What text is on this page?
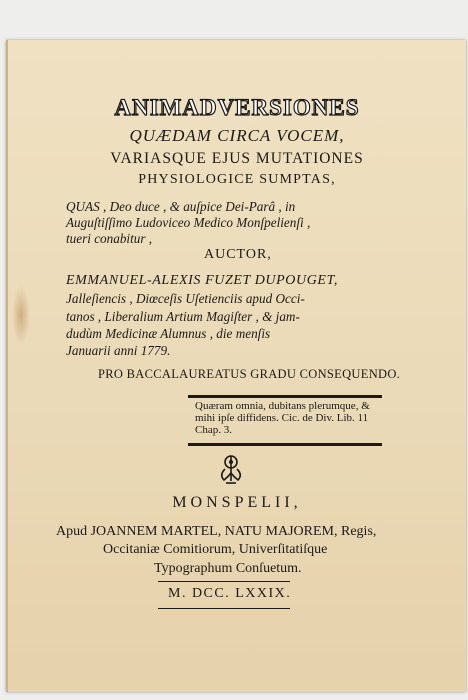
ANIMADVERSIONES
QUÆDAM CIRCA VOCEM,
VARIASQUE EJUS MUTATIONES
PHYSIOLOGICE SUMPTAS,
QUAS , Deo duce , & auſpice Dei-Parâ , in
Auguſtiſſimo Ludoviceo Medico Monſpelienſi ,
tueri conabitur ,
AUCTOR,
EMMANUEL-ALEXIS FUZET DUPOUGET,
Jalleſiencis , Diœceſis Uſetienciis apud Occi-
tanos , Liberalium Artium Magiſter , & jam-
dudùm Medicinæ Alumnus , die menſis
Januarii anni 1779.
PRO BACCALAUREATUS GRADU CONSEQUENDO.
Quæram omnia, dubitans plerumque, &
mihi ipſe diffidens. Cic. de Div. Lib. 11
Chap. 3.
MONSPELII,
Apud JOANNEM MARTEL, NATU MAJOREM, Regis,
Occitaniæ Comitiorum, Univerſitatiſque
Typographum Conſuetum.
M. DCC. LXXIX.
